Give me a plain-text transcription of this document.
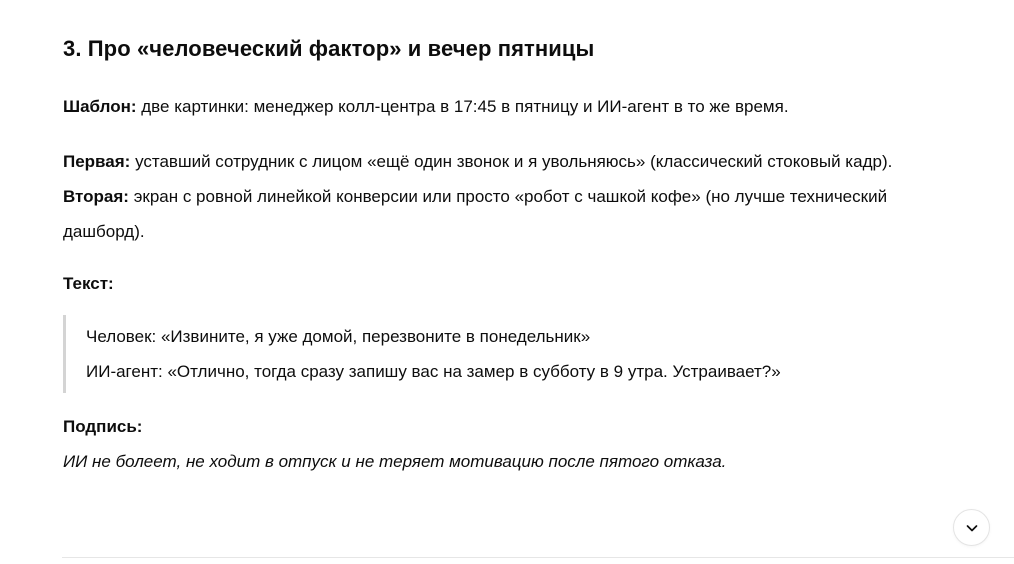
3. Про «человеческий фактор» и вечер пятницы

Шаблон: две картинки: менеджер колл-центра в 17:45 в пятницу и ИИ-агент в то же время.

Первая: уставший сотрудник с лицом «ещё один звонок и я увольняюсь» (классический стоковый кадр).
Вторая: экран с ровной линейкой конверсии или просто «робот с чашкой кофе» (но лучше технический дашборд).

Текст:

Человек: «Извините, я уже домой, перезвоните в понедельник»
ИИ-агент: «Отлично, тогда сразу запишу вас на замер в субботу в 9 утра. Устраивает?»

Подпись:
ИИ не болеет, не ходит в отпуск и не теряет мотивацию после пятого отказа.
